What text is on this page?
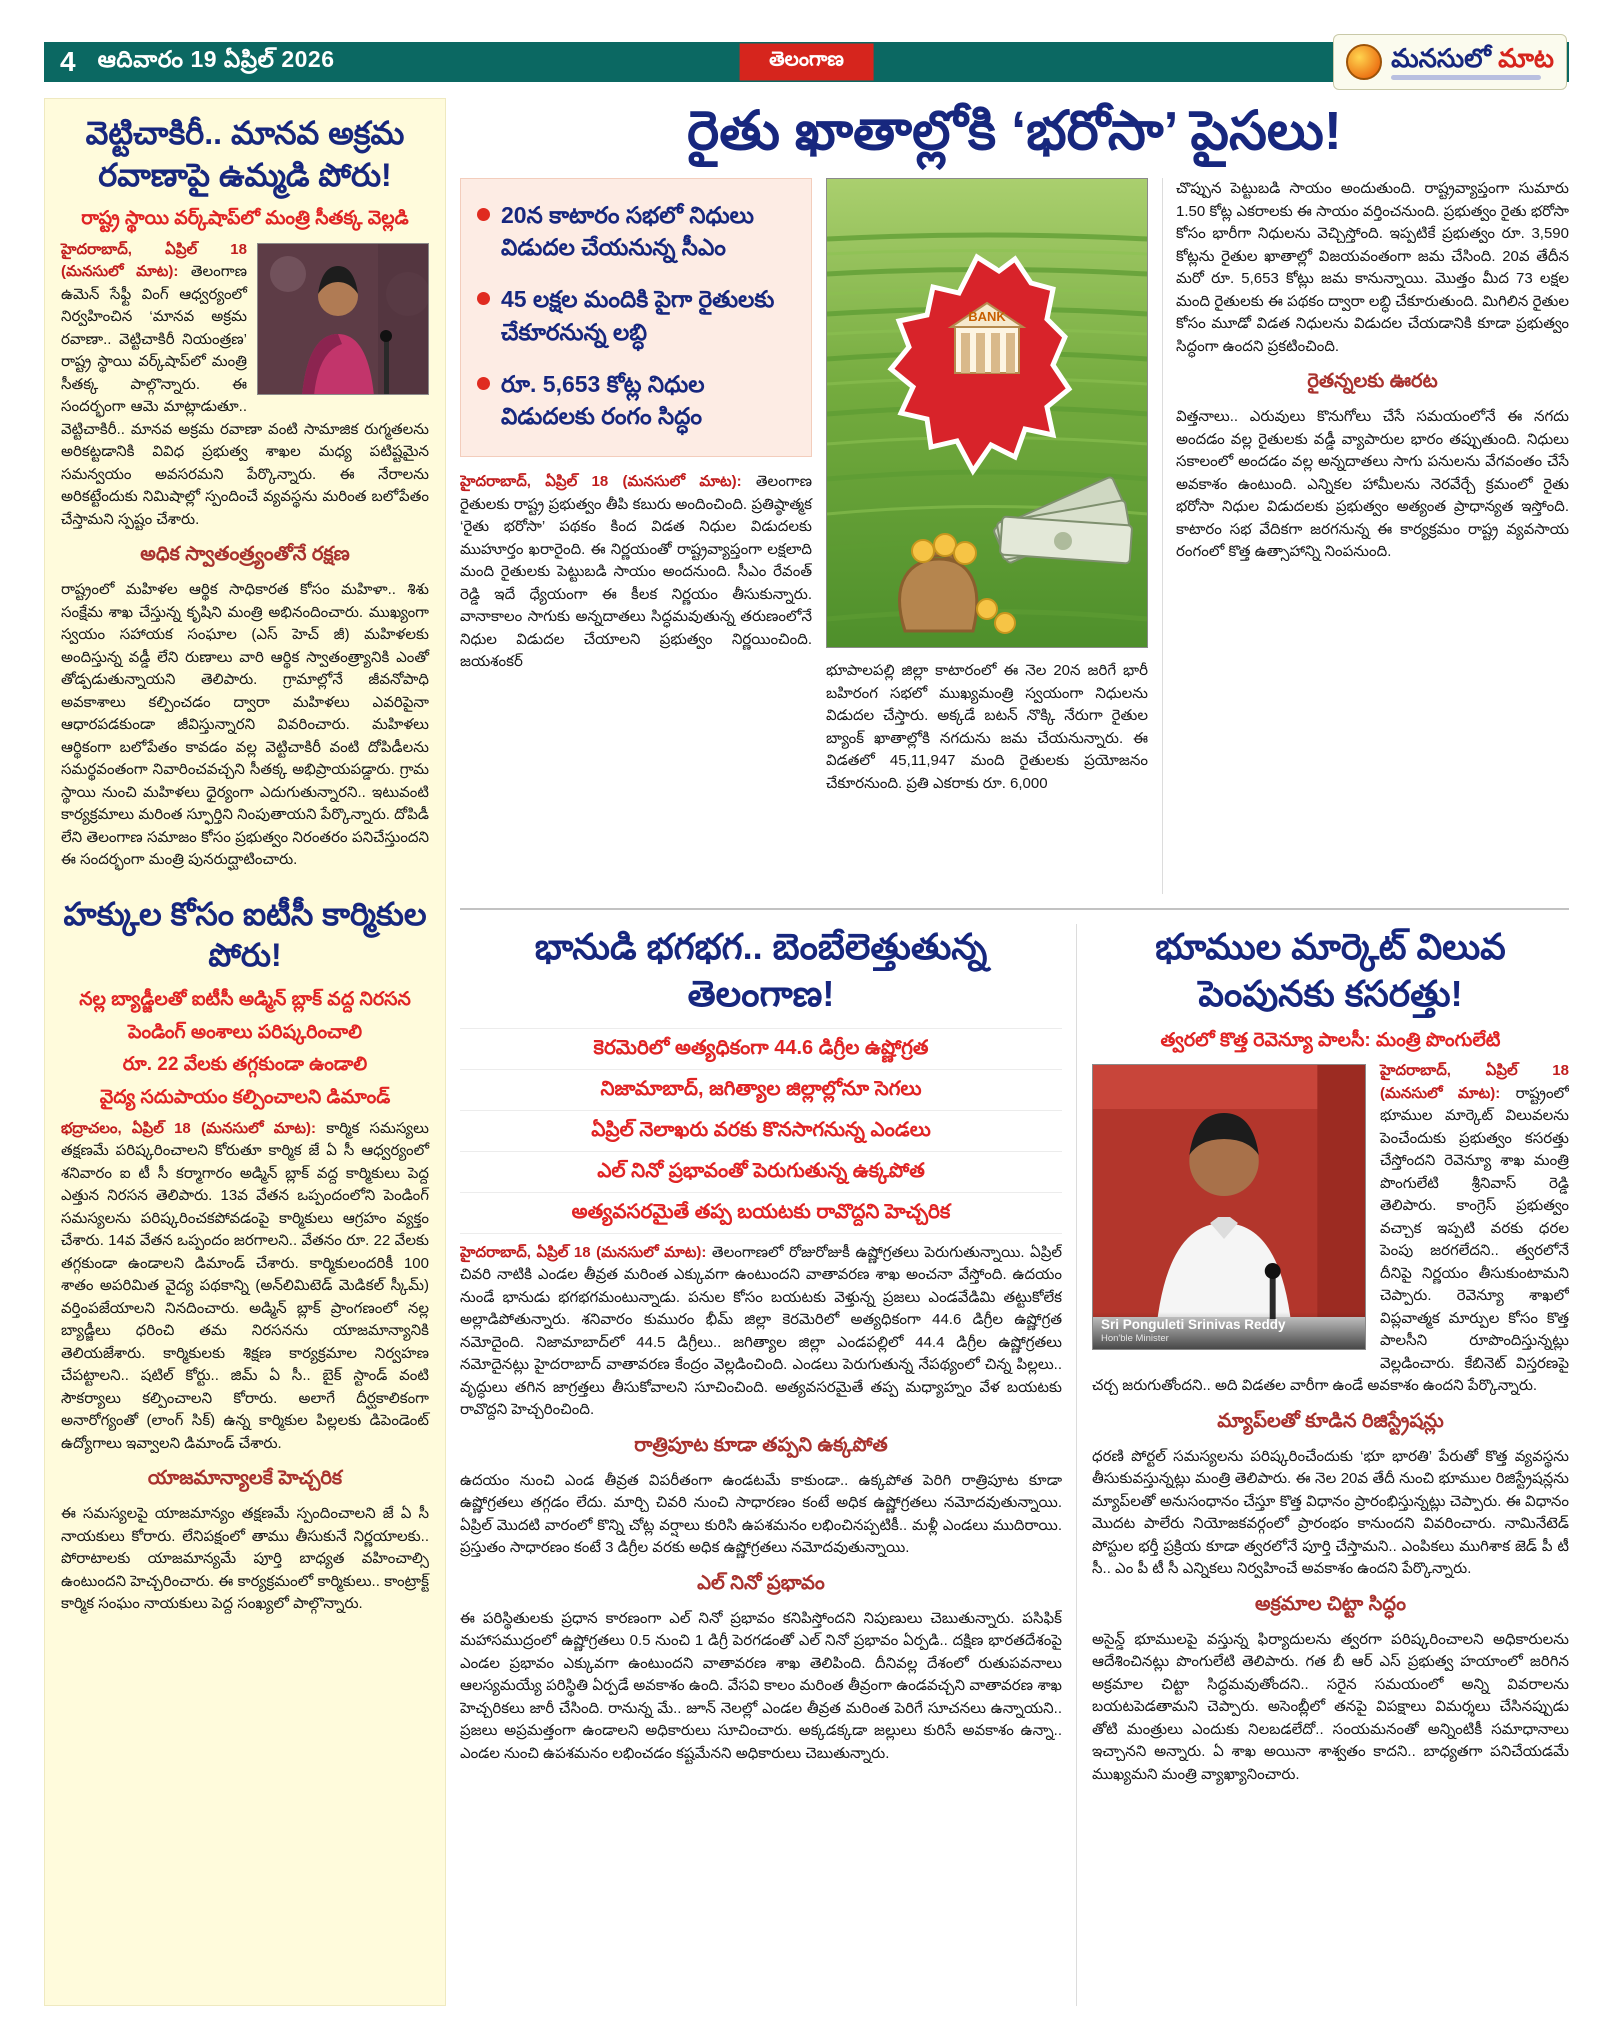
4 ఆదివారం 19 ఏప్రిల్ 2026	తెలంగాణ	మనసులో మాట
వెట్టిచాకిరీ.. మానవ అక్రమ రవాణాపై ఉమ్మడి పోరు!
రాష్ట్ర స్థాయి వర్క్‌షాప్‌లో మంత్రి సీతక్క వెల్లడి

హైదరాబాద్, ఏప్రిల్ 18 (మనసులో మాట): తెలంగాణ ఉమెన్ సేఫ్టీ వింగ్ ఆధ్వర్యంలో నిర్వహించిన ‘మానవ అక్రమ రవాణా.. వెట్టిచాకిరీ నియంత్రణ’ రాష్ట్ర స్థాయి వర్క్‌షాప్‌లో మంత్రి సీతక్క పాల్గొన్నారు. ఈ సందర్భంగా ఆమె మాట్లాడుతూ.. వెట్టిచాకిరీ.. మానవ అక్రమ రవాణా వంటి సామాజిక రుగ్మతలను అరికట్టడానికి వివిధ ప్రభుత్వ శాఖల మధ్య పటిష్టమైన సమన్వయం అవసరమని పేర్కొన్నారు. ఈ నేరాలను అరికట్టేందుకు నిమిషాల్లో స్పందించే వ్యవస్థను మరింత బలోపేతం చేస్తామని స్పష్టం చేశారు.

అధిక స్వాతంత్ర్యంతోనే రక్షణ

రాష్ట్రంలో మహిళల ఆర్థిక సాధికారత కోసం మహిళా.. శిశు సంక్షేమ శాఖ చేస్తున్న కృషిని మంత్రి అభినందించారు. ముఖ్యంగా స్వయం సహాయక సంఘాల (ఎస్ హెచ్ జీ) మహిళలకు అందిస్తున్న వడ్డీ లేని రుణాలు వారి ఆర్థిక స్వాతంత్ర్యానికి ఎంతో తోడ్పడుతున్నాయని తెలిపారు. గ్రామాల్లోనే జీవనోపాధి అవకాశాలు కల్పించడం ద్వారా మహిళలు ఎవరిపైనా ఆధారపడకుండా జీవిస్తున్నారని వివరించారు. మహిళలు ఆర్థికంగా బలోపేతం కావడం వల్ల వెట్టిచాకిరీ వంటి దోపిడీలను సమర్థవంతంగా నివారించవచ్చని సీతక్క అభిప్రాయపడ్డారు. గ్రామ స్థాయి నుంచి మహిళలు ధైర్యంగా ఎదుగుతున్నారని.. ఇటువంటి కార్యక్రమాలు మరింత స్ఫూర్తిని నింపుతాయని పేర్కొన్నారు. దోపిడీ లేని తెలంగాణ సమాజం కోసం ప్రభుత్వం నిరంతరం పనిచేస్తుందని ఈ సందర్భంగా మంత్రి పునరుద్ఘాటించారు.

హక్కుల కోసం ఐటీసీ కార్మికుల పోరు!
నల్ల బ్యాడ్జీలతో ఐటీసీ అడ్మిన్ బ్లాక్ వద్ద నిరసన
పెండింగ్ అంశాలు పరిష్కరించాలి
రూ. 22 వేలకు తగ్గకుండా ఉండాలి
వైద్య సదుపాయం కల్పించాలని డిమాండ్

భద్రాచలం, ఏప్రిల్ 18 (మనసులో మాట): కార్మిక సమస్యలు తక్షణమే పరిష్కరించాలని కోరుతూ కార్మిక జే ఏ సీ ఆధ్వర్యంలో శనివారం ఐ టీ సీ కర్మాగారం అడ్మిన్ బ్లాక్ వద్ద కార్మికులు పెద్ద ఎత్తున నిరసన తెలిపారు. 13వ వేతన ఒప్పందంలోని పెండింగ్ సమస్యలను పరిష్కరించకపోవడంపై కార్మికులు ఆగ్రహం వ్యక్తం చేశారు. 14వ వేతన ఒప్పందం జరగాలని.. వేతనం రూ. 22 వేలకు తగ్గకుండా ఉండాలని డిమాండ్ చేశారు. కార్మికులందరికీ 100 శాతం అపరిమిత వైద్య పథకాన్ని (అన్‌లిమిటెడ్ మెడికల్ స్కీమ్) వర్తింపజేయాలని నినదించారు. అడ్మిన్ బ్లాక్ ప్రాంగణంలో నల్ల బ్యాడ్జీలు ధరించి తమ నిరసనను యాజమాన్యానికి తెలియజేశారు. కార్మికులకు శిక్షణ కార్యక్రమాల నిర్వహణ చేపట్టాలని.. షటిల్ కోర్టు.. జిమ్ ఏ సీ.. బైక్ స్టాండ్ వంటి సౌకర్యాలు కల్పించాలని కోరారు. అలాగే దీర్ఘకాలికంగా అనారోగ్యంతో (లాంగ్ సిక్) ఉన్న కార్మికుల పిల్లలకు డిపెండెంట్ ఉద్యోగాలు ఇవ్వాలని డిమాండ్ చేశారు.

యాజమాన్యాలకే హెచ్చరిక

ఈ సమస్యలపై యాజమాన్యం తక్షణమే స్పందించాలని జే ఏ సీ నాయకులు కోరారు. లేనిపక్షంలో తాము తీసుకునే నిర్ణయాలకు.. పోరాటాలకు యాజమాన్యమే పూర్తి బాధ్యత వహించాల్సి ఉంటుందని హెచ్చరించారు. ఈ కార్యక్రమంలో కార్మికులు.. కాంట్రాక్ట్ కార్మిక సంఘం నాయకులు పెద్ద సంఖ్యలో పాల్గొన్నారు.

రైతు ఖాతాల్లోకి ‘భరోసా’ పైసలు!
20న కాటారం సభలో నిధులు విడుదల చేయనున్న సీఎం
45 లక్షల మందికి పైగా రైతులకు చేకూరనున్న లబ్ధి
రూ. 5,653 కోట్ల నిధుల విడుదలకు రంగం సిద్ధం

హైదరాబాద్, ఏప్రిల్ 18 (మనసులో మాట): తెలంగాణ రైతులకు రాష్ట్ర ప్రభుత్వం తీపి కబురు అందించింది. ప్రతిష్ఠాత్మక ‘రైతు భరోసా’ పథకం కింద విడత నిధుల విడుదలకు ముహూర్తం ఖరారైంది. ఈ నిర్ణయంతో రాష్ట్రవ్యాప్తంగా లక్షలాది మంది రైతులకు పెట్టుబడి సాయం అందనుంది. సీఎం రేవంత్ రెడ్డి ఇదే ధ్యేయంగా ఈ కీలక నిర్ణయం తీసుకున్నారు. వానాకాలం సాగుకు అన్నదాతలు సిద్ధమవుతున్న తరుణంలోనే నిధుల విడుదల చేయాలని ప్రభుత్వం నిర్ణయించింది. జయశంకర్

BANK

భూపాలపల్లి జిల్లా కాటారంలో ఈ నెల 20న జరిగే భారీ బహిరంగ సభలో ముఖ్యమంత్రి స్వయంగా నిధులను విడుదల చేస్తారు. అక్కడే బటన్ నొక్కి నేరుగా రైతుల బ్యాంక్ ఖాతాల్లోకి నగదును జమ చేయనున్నారు. ఈ విడతలో 45,11,947 మంది రైతులకు ప్రయోజనం చేకూరనుంది. ప్రతి ఎకరాకు రూ. 6,000

చొప్పున పెట్టుబడి సాయం అందుతుంది. రాష్ట్రవ్యాప్తంగా సుమారు 1.50 కోట్ల ఎకరాలకు ఈ సాయం వర్తించనుంది. ప్రభుత్వం రైతు భరోసా కోసం భారీగా నిధులను వెచ్చిస్తోంది. ఇప్పటికే ప్రభుత్వం రూ. 3,590 కోట్లను రైతుల ఖాతాల్లో విజయవంతంగా జమ చేసింది. 20వ తేదీన మరో రూ. 5,653 కోట్లు జమ కానున్నాయి. మొత్తం మీద 73 లక్షల మంది రైతులకు ఈ పథకం ద్వారా లబ్ధి చేకూరుతుంది. మిగిలిన రైతుల కోసం మూడో విడత నిధులను విడుదల చేయడానికి కూడా ప్రభుత్వం సిద్ధంగా ఉందని ప్రకటించింది.

రైతన్నలకు ఊరట

విత్తనాలు.. ఎరువులు కొనుగోలు చేసే సమయంలోనే ఈ నగదు అందడం వల్ల రైతులకు వడ్డీ వ్యాపారుల భారం తప్పుతుంది. నిధులు సకాలంలో అందడం వల్ల అన్నదాతలు సాగు పనులను వేగవంతం చేసే అవకాశం ఉంటుంది. ఎన్నికల హామీలను నెరవేర్చే క్రమంలో రైతు భరోసా నిధుల విడుదలకు ప్రభుత్వం అత్యంత ప్రాధాన్యత ఇస్తోంది. కాటారం సభ వేదికగా జరగనున్న ఈ కార్యక్రమం రాష్ట్ర వ్యవసాయ రంగంలో కొత్త ఉత్సాహాన్ని నింపనుంది.

భానుడి భగభగ.. బెంబేలెత్తుతున్న తెలంగాణ!
కెరమెరిలో అత్యధికంగా 44.6 డిగ్రీల ఉష్ణోగ్రత
నిజామాబాద్, జగిత్యాల జిల్లాల్లోనూ సెగలు
ఏప్రిల్ నెలాఖరు వరకు కొనసాగనున్న ఎండలు
ఎల్ నినో ప్రభావంతో పెరుగుతున్న ఉక్కపోత
అత్యవసరమైతే తప్ప బయటకు రావొద్దని హెచ్చరిక

హైదరాబాద్, ఏప్రిల్ 18 (మనసులో మాట): తెలంగాణలో రోజురోజుకీ ఉష్ణోగ్రతలు పెరుగుతున్నాయి. ఏప్రిల్ చివరి నాటికి ఎండల తీవ్రత మరింత ఎక్కువగా ఉంటుందని వాతావరణ శాఖ అంచనా వేస్తోంది. ఉదయం నుండే భానుడు భగభగమంటున్నాడు. పనుల కోసం బయటకు వెళ్తున్న ప్రజలు ఎండవేడిమి తట్టుకోలేక అల్లాడిపోతున్నారు. శనివారం కుమురం భీమ్ జిల్లా కెరమెరిలో అత్యధికంగా 44.6 డిగ్రీల ఉష్ణోగ్రత నమోదైంది. నిజామాబాద్‌లో 44.5 డిగ్రీలు.. జగిత్యాల జిల్లా ఎండపల్లిలో 44.4 డిగ్రీల ఉష్ణోగ్రతలు నమోదైనట్లు హైదరాబాద్ వాతావరణ కేంద్రం వెల్లడించింది. ఎండలు పెరుగుతున్న నేపథ్యంలో చిన్న పిల్లలు.. వృద్ధులు తగిన జాగ్రత్తలు తీసుకోవాలని సూచించింది. అత్యవసరమైతే తప్ప మధ్యాహ్నం వేళ బయటకు రావొద్దని హెచ్చరించింది.

రాత్రిపూట కూడా తప్పని ఉక్కపోత

ఉదయం నుంచి ఎండ తీవ్రత విపరీతంగా ఉండటమే కాకుండా.. ఉక్కపోత పెరిగి రాత్రిపూట కూడా ఉష్ణోగ్రతలు తగ్గడం లేదు. మార్చి చివరి నుంచి సాధారణం కంటే అధిక ఉష్ణోగ్రతలు నమోదవుతున్నాయి. ఏప్రిల్ మొదటి వారంలో కొన్ని చోట్ల వర్షాలు కురిసి ఉపశమనం లభించినప్పటికీ.. మళ్లీ ఎండలు ముదిరాయి. ప్రస్తుతం సాధారణం కంటే 3 డిగ్రీల వరకు అధిక ఉష్ణోగ్రతలు నమోదవుతున్నాయి.

ఎల్ నినో ప్రభావం

ఈ పరిస్థితులకు ప్రధాన కారణంగా ఎల్ నినో ప్రభావం కనిపిస్తోందని నిపుణులు చెబుతున్నారు. పసిఫిక్ మహాసముద్రంలో ఉష్ణోగ్రతలు 0.5 నుంచి 1 డిగ్రీ పెరగడంతో ఎల్ నినో ప్రభావం ఏర్పడి.. దక్షిణ భారతదేశంపై ఎండల ప్రభావం ఎక్కువగా ఉంటుందని వాతావరణ శాఖ తెలిపింది. దీనివల్ల దేశంలో రుతుపవనాలు ఆలస్యమయ్యే పరిస్థితి ఏర్పడే అవకాశం ఉంది. వేసవి కాలం మరింత తీవ్రంగా ఉండవచ్చని వాతావరణ శాఖ హెచ్చరికలు జారీ చేసింది. రానున్న మే.. జూన్ నెలల్లో ఎండల తీవ్రత మరింత పెరిగే సూచనలు ఉన్నాయని.. ప్రజలు అప్రమత్తంగా ఉండాలని అధికారులు సూచించారు. అక్కడక్కడా జల్లులు కురిసే అవకాశం ఉన్నా.. ఎండల నుంచి ఉపశమనం లభించడం కష్టమేనని అధికారులు చెబుతున్నారు.

భూముల మార్కెట్ విలువ పెంపునకు కసరత్తు!
త్వరలో కొత్త రెవెన్యూ పాలసీ: మంత్రి పొంగులేటి
Sri Ponguleti Srinivas Reddy
Hon'ble Minister

హైదరాబాద్, ఏప్రిల్ 18 (మనసులో మాట): రాష్ట్రంలో భూముల మార్కెట్ విలువలను పెంచేందుకు ప్రభుత్వం కసరత్తు చేస్తోందని రెవెన్యూ శాఖ మంత్రి పొంగులేటి శ్రీనివాస్ రెడ్డి తెలిపారు. కాంగ్రెస్ ప్రభుత్వం వచ్చాక ఇప్పటి వరకు ధరల పెంపు జరగలేదని.. త్వరలోనే దీనిపై నిర్ణయం తీసుకుంటామని చెప్పారు. రెవెన్యూ శాఖలో విప్లవాత్మక మార్పుల కోసం కొత్త పాలసీని రూపొందిస్తున్నట్లు వెల్లడించారు. కేబినెట్ విస్తరణపై చర్చ జరుగుతోందని.. అది విడతల వారీగా ఉండే అవకాశం ఉందని పేర్కొన్నారు.

మ్యాప్‌లతో కూడిన రిజిస్ట్రేషన్లు

ధరణి పోర్టల్ సమస్యలను పరిష్కరించేందుకు ‘భూ భారతి’ పేరుతో కొత్త వ్యవస్థను తీసుకువస్తున్నట్లు మంత్రి తెలిపారు. ఈ నెల 20వ తేదీ నుంచి భూముల రిజిస్ట్రేషన్లను మ్యాప్‌లతో అనుసంధానం చేస్తూ కొత్త విధానం ప్రారంభిస్తున్నట్లు చెప్పారు. ఈ విధానం మొదట పాలేరు నియోజకవర్గంలో ప్రారంభం కానుందని వివరించారు. నామినేటెడ్ పోస్టుల భర్తీ ప్రక్రియ కూడా త్వరలోనే పూర్తి చేస్తామని.. ఎంపికలు ముగిశాక జెడ్ పీ టీ సీ.. ఎం పీ టీ సీ ఎన్నికలు నిర్వహించే అవకాశం ఉందని పేర్కొన్నారు.

అక్రమాల చిట్టా సిద్ధం

అసైన్డ్ భూములపై వస్తున్న ఫిర్యాదులను త్వరగా పరిష్కరించాలని అధికారులను ఆదేశించినట్లు పొంగులేటి తెలిపారు. గత బీ ఆర్ ఎస్ ప్రభుత్వ హయాంలో జరిగిన అక్రమాల చిట్టా సిద్ధమవుతోందని.. సరైన సమయంలో అన్ని వివరాలను బయటపెడతామని చెప్పారు. అసెంబ్లీలో తనపై విపక్షాలు విమర్శలు చేసినప్పుడు తోటి మంత్రులు ఎందుకు నిలబడలేదో.. సంయమనంతో అన్నింటికీ సమాధానాలు ఇచ్చానని అన్నారు. ఏ శాఖ అయినా శాశ్వతం కాదని.. బాధ్యతగా పనిచేయడమే ముఖ్యమని మంత్రి వ్యాఖ్యానించారు.
